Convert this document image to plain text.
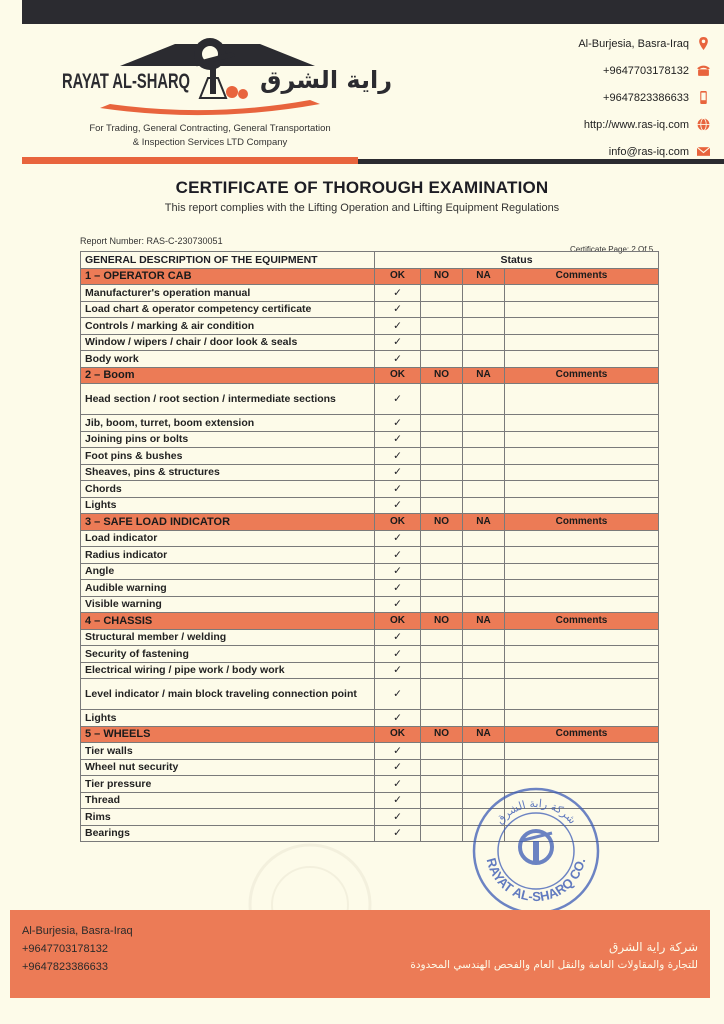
RAYAT AL-SHARQ	راية الشرق
For Trading, General Contracting, General Transportation
& Inspection Services LTD Company
Al-Burjesia, Basra-Iraq
+9647703178132
+9647823386633
http://www.ras-iq.com
info@ras-iq.com
CERTIFICATE OF THOROUGH EXAMINATION
This report complies with the Lifting Operation and Lifting Equipment Regulations
Report Number: RAS-C-230730051
Certificate Page: 2 Of 5
GENERAL DESCRIPTION OF THE EQUIPMENT	Status			
1 – OPERATOR CAB	OK	NO	NA	Comments
Manufacturer's operation manual	✓			
Load chart & operator competency certificate	✓			
Controls / marking & air condition	✓			
Window / wipers / chair / door look & seals	✓			
Body work	✓			
2 – Boom	OK	NO	NA	Comments
Head section / root section / intermediate sections	✓			
Jib, boom, turret, boom extension	✓			
Joining pins or bolts	✓			
Foot pins & bushes	✓			
Sheaves, pins & structures	✓			
Chords	✓			
Lights	✓			
3 – SAFE LOAD INDICATOR	OK	NO	NA	Comments
Load indicator	✓			
Radius indicator	✓			
Angle	✓			
Audible warning	✓			
Visible warning	✓			
4 – CHASSIS	OK	NO	NA	Comments
Structural member / welding	✓			
Security of fastening	✓			
Electrical wiring / pipe work / body work	✓			
Level indicator / main block traveling connection point	✓			
Lights	✓			
5 – WHEELS	OK	NO	NA	Comments
Tier walls	✓			
Wheel nut security	✓			
Tier pressure	✓			
Thread	✓			
Rims	✓			
Bearings	✓			
RAYAT AL-SHARQ CO.
شركة راية الشرق
Al-Burjesia, Basra-Iraq
+9647703178132
+9647823386633
شركة راية الشرق
للتجارة والمقاولات العامة والنقل العام والفحص الهندسي المحدودة
